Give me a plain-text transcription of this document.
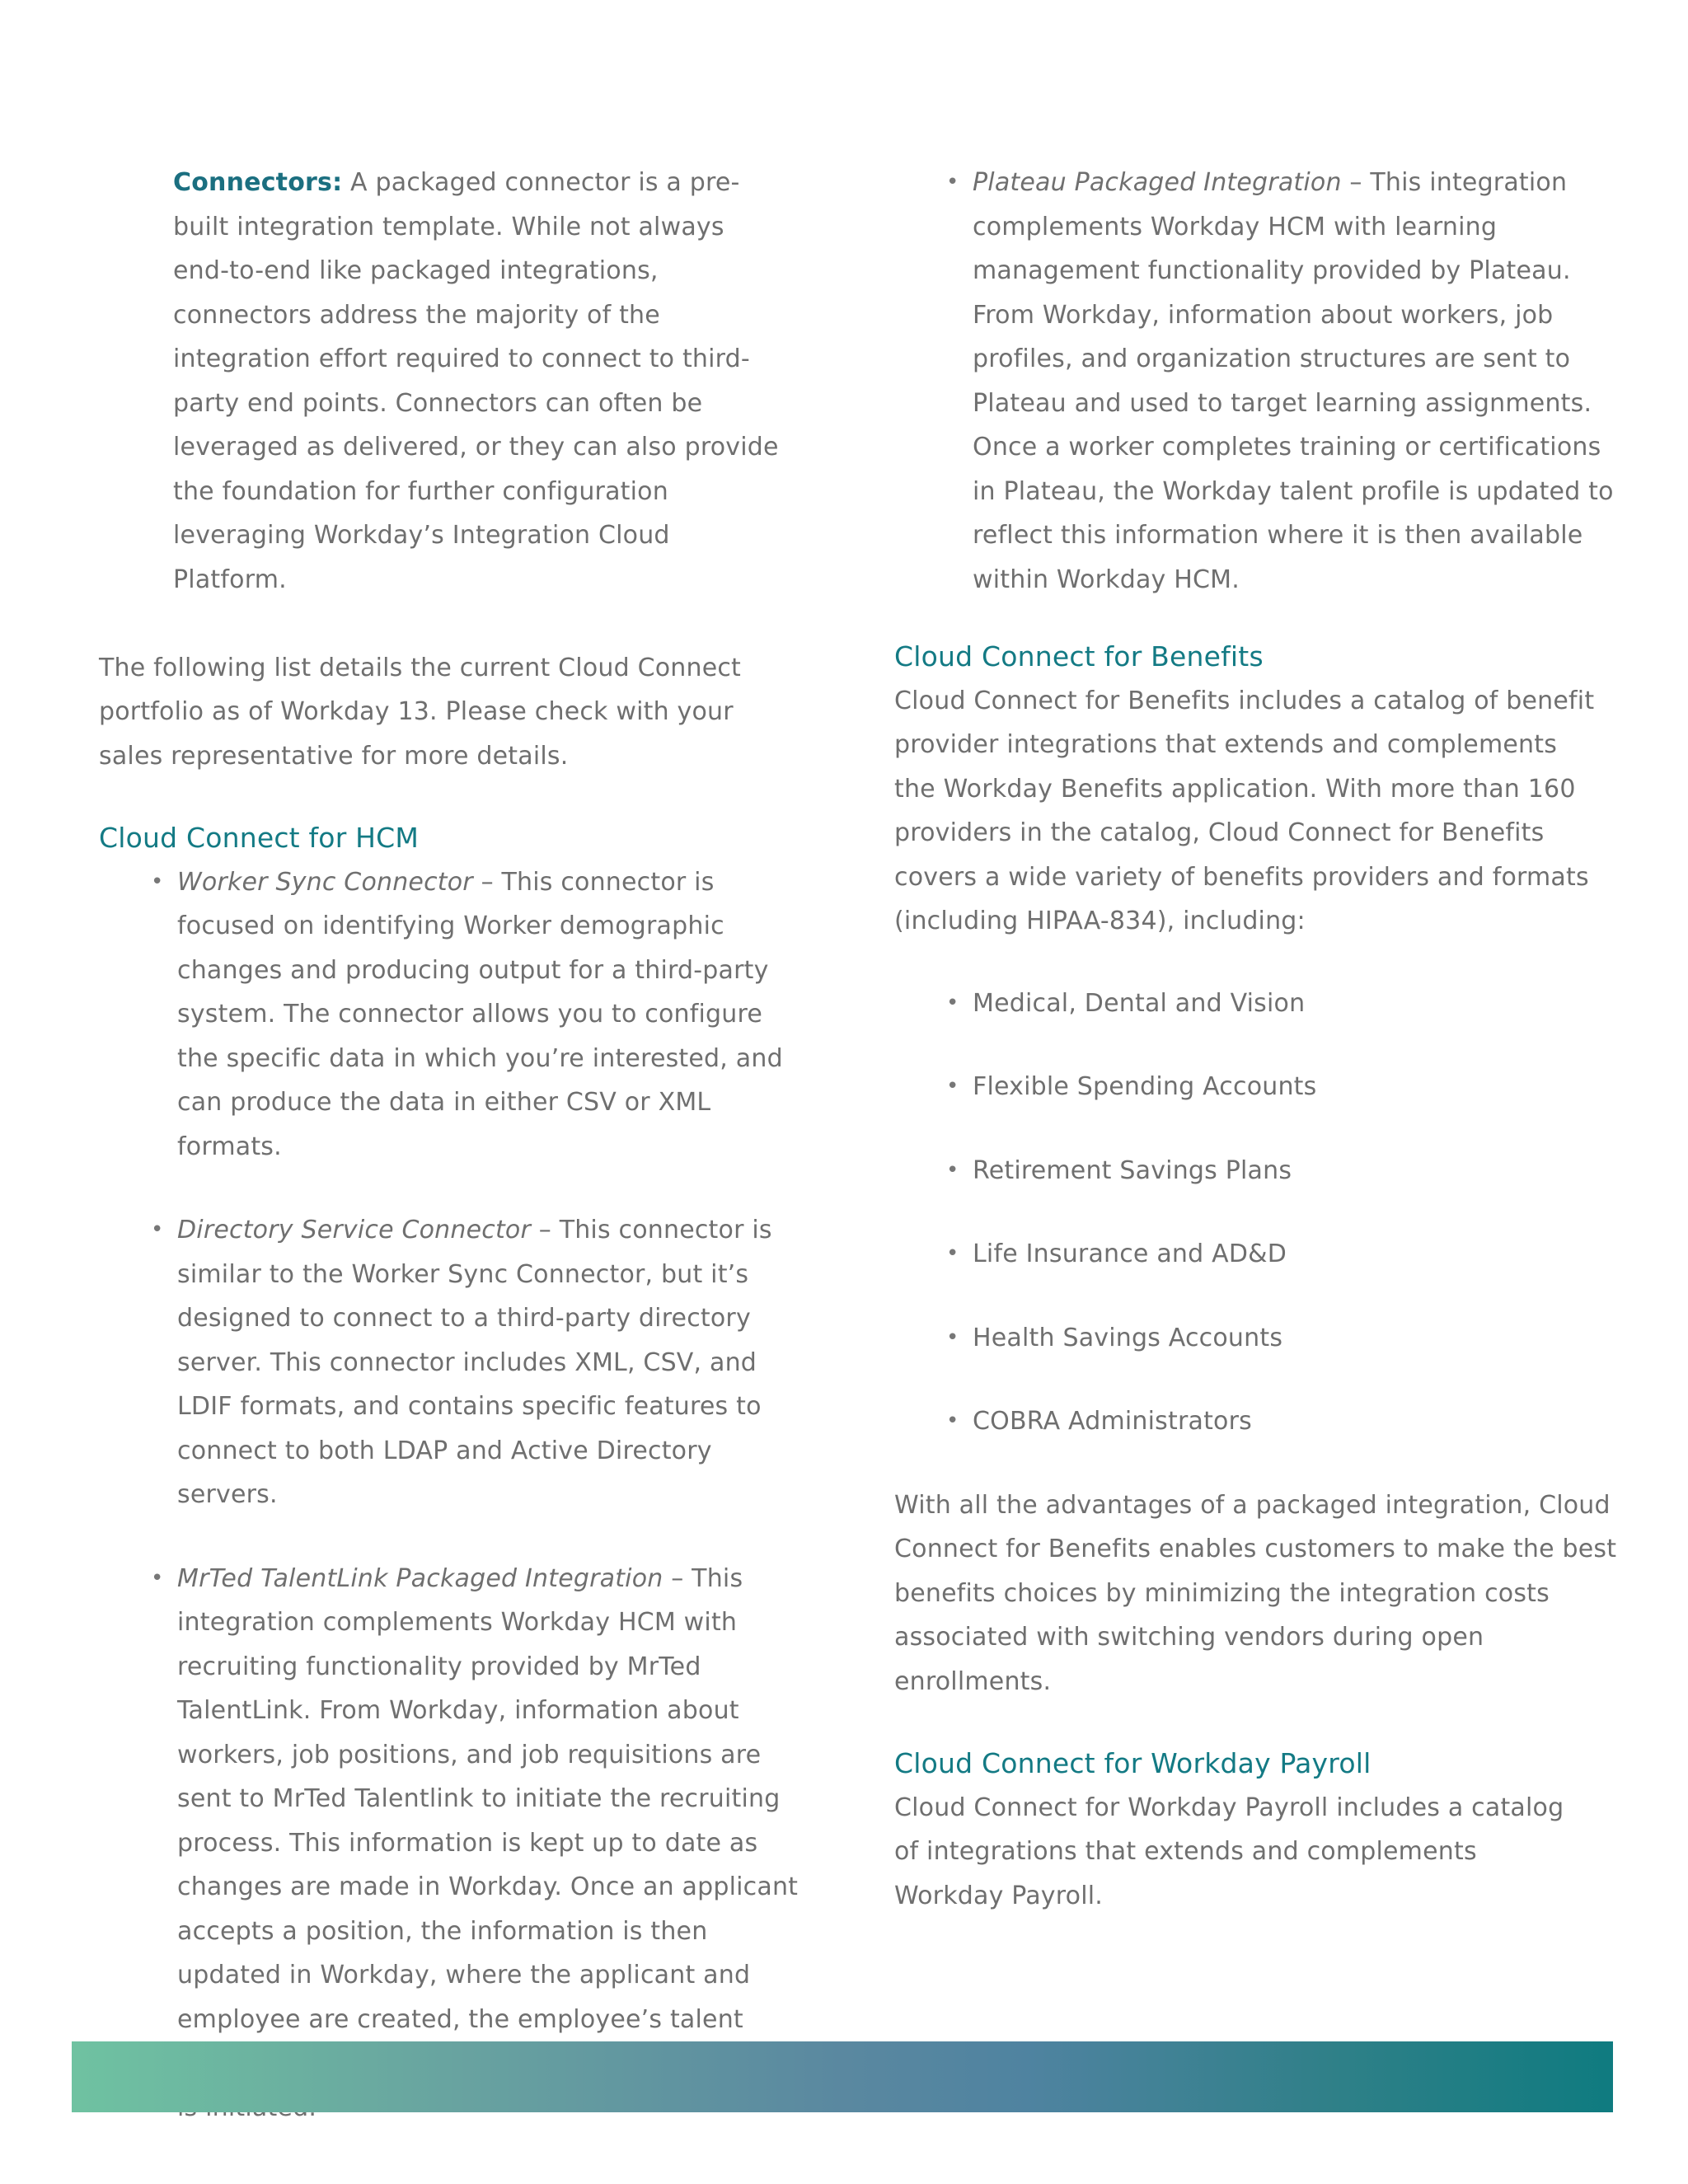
Connectors: A packaged connector is a pre-built integration template. While not always end-to-end like packaged integrations, connectors address the majority of the integration effort required to connect to third-party end points. Connectors can often be leveraged as delivered, or they can also provide the foundation for further configuration leveraging Workday’s Integration Cloud Platform.

The following list details the current Cloud Connect portfolio as of Workday 13. Please check with your sales representative for more details.

Cloud Connect for HCM
• Worker Sync Connector – This connector is focused on identifying Worker demographic changes and producing output for a third-party system. The connector allows you to configure the specific data in which you’re interested, and can produce the data in either CSV or XML formats.
• Directory Service Connector – This connector is similar to the Worker Sync Connector, but it’s designed to connect to a third-party directory server. This connector includes XML, CSV, and LDIF formats, and contains specific features to connect to both LDAP and Active Directory servers.
• MrTed TalentLink Packaged Integration – This integration complements Workday HCM with recruiting functionality provided by MrTed TalentLink. From Workday, information about workers, job positions, and job requisitions are sent to MrTed Talentlink to initiate the recruiting process. This information is kept up to date as changes are made in Workday. Once an applicant accepts a position, the information is then updated in Workday, where the applicant and employee are created, the employee’s talent
• Plateau Packaged Integration – This integration complements Workday HCM with learning management functionality provided by Plateau. From Workday, information about workers, job profiles, and organization structures are sent to Plateau and used to target learning assignments. Once a worker completes training or certifications in Plateau, the Workday talent profile is updated to reflect this information where it is then available within Workday HCM.
Cloud Connect for Benefits

Cloud Connect for Benefits includes a catalog of benefit provider integrations that extends and complements the Workday Benefits application. With more than 160 providers in the catalog, Cloud Connect for Benefits covers a wide variety of benefits providers and formats (including HIPAA-834), including:

• Medical, Dental and Vision
• Flexible Spending Accounts
• Retirement Savings Plans
• Life Insurance and AD&D
• Health Savings Accounts
• COBRA Administrators

With all the advantages of a packaged integration, Cloud Connect for Benefits enables customers to make the best benefits choices by minimizing the integration costs associated with switching vendors during open enrollments.

Cloud Connect for Workday Payroll

Cloud Connect for Workday Payroll includes a catalog of integrations that extends and complements Workday Payroll.
